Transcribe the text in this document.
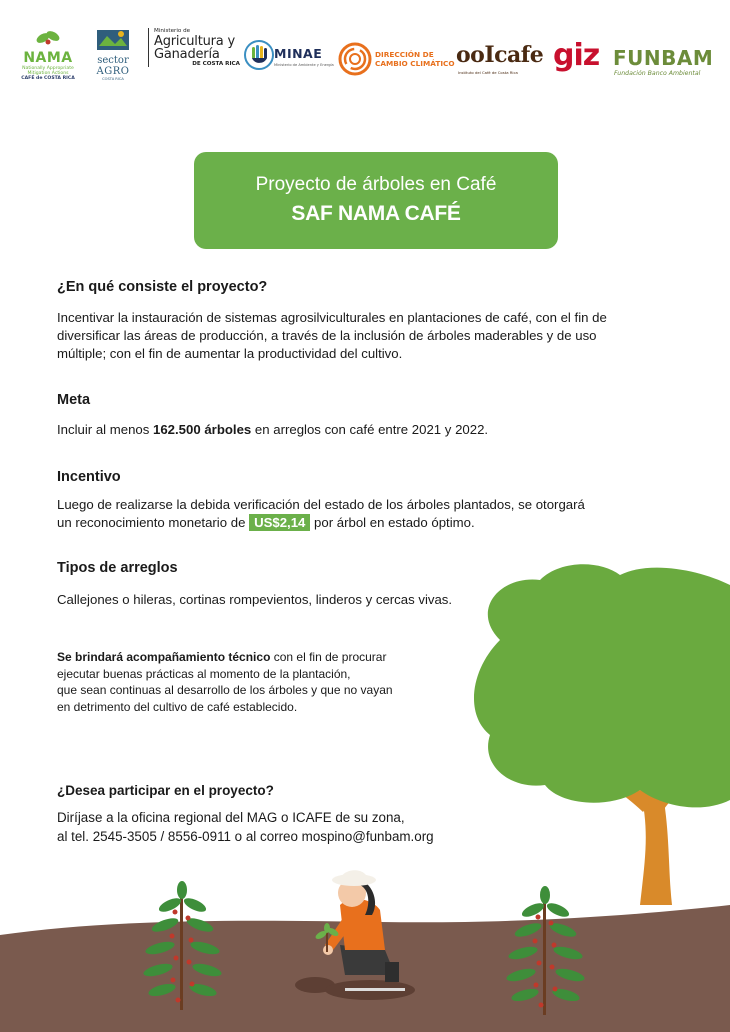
NAMA
Nationally Appropriate
Mitigation Actions
CAFÉ de COSTA RICA
sector
AGRO
COSTA RICA
Ministerio de
Agricultura y
Ganadería
DE COSTA RICA
MINAE
Ministerio de Ambiente y Energía
DIRECCIÓN DE
CAMBIO CLIMÁTICO ooIcafe
Instituto del Café de Costa Rica giz FUNBAM
Fundación Banco Ambiental
Proyecto de árboles en Café
SAF NAMA CAFÉ
¿En qué consiste el proyecto?
Incentivar la instauración de sistemas agrosilviculturales en plantaciones de café, con el fin de
diversificar las áreas de producción, a través de la inclusión de árboles maderables y de uso
múltiple; con el fin de aumentar la productividad del cultivo.
Meta
Incluir al menos 162.500 árboles en arreglos con café entre 2021 y 2022.
Incentivo
Luego de realizarse la debida verificación del estado de los árboles plantados, se otorgará
un reconocimiento monetario de US$2,14 por árbol en estado óptimo.
Tipos de arreglos
Callejones o hileras, cortinas rompevientos, linderos y cercas vivas.
Se brindará acompañamiento técnico con el fin de procurar
ejecutar buenas prácticas al momento de la plantación,
que sean continuas al desarrollo de los árboles y que no vayan
en detrimento del cultivo de café establecido.
¿Desea participar en el proyecto?
Diríjase a la oficina regional del MAG o ICAFE de su zona,
al tel. 2545-3505 / 8556-0911 o al correo mospino@funbam.org
